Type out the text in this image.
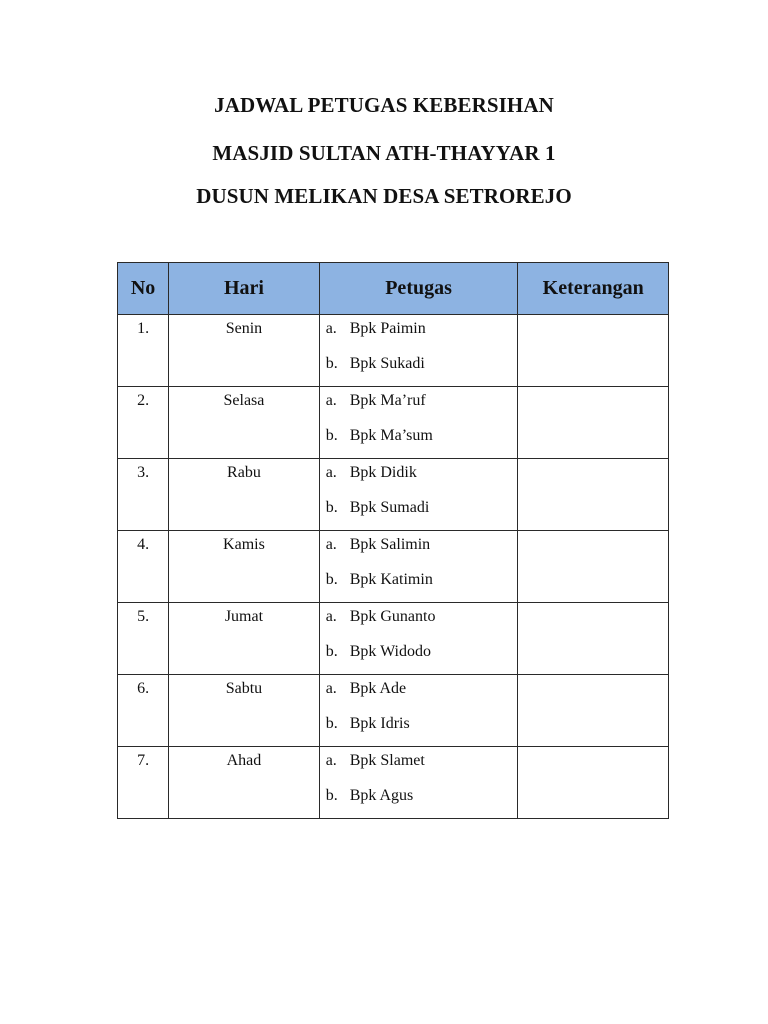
JADWAL PETUGAS KEBERSIHAN
MASJID SULTAN ATH-THAYYAR 1
DUSUN MELIKAN DESA SETROREJO
No	Hari	Petugas	Keterangan

1.	Senin	a. Bpk Paimin
b. Bpk Sukadi	

2.	Selasa	a. Bpk Ma’ruf
b. Bpk Ma’sum	

3.	Rabu	a. Bpk Didik
b. Bpk Sumadi	

4.	Kamis	a. Bpk Salimin
b. Bpk Katimin	

5.	Jumat	a. Bpk Gunanto
b. Bpk Widodo	

6.	Sabtu	a. Bpk Ade
b. Bpk Idris	

7.	Ahad	a. Bpk Slamet
b. Bpk Agus	
